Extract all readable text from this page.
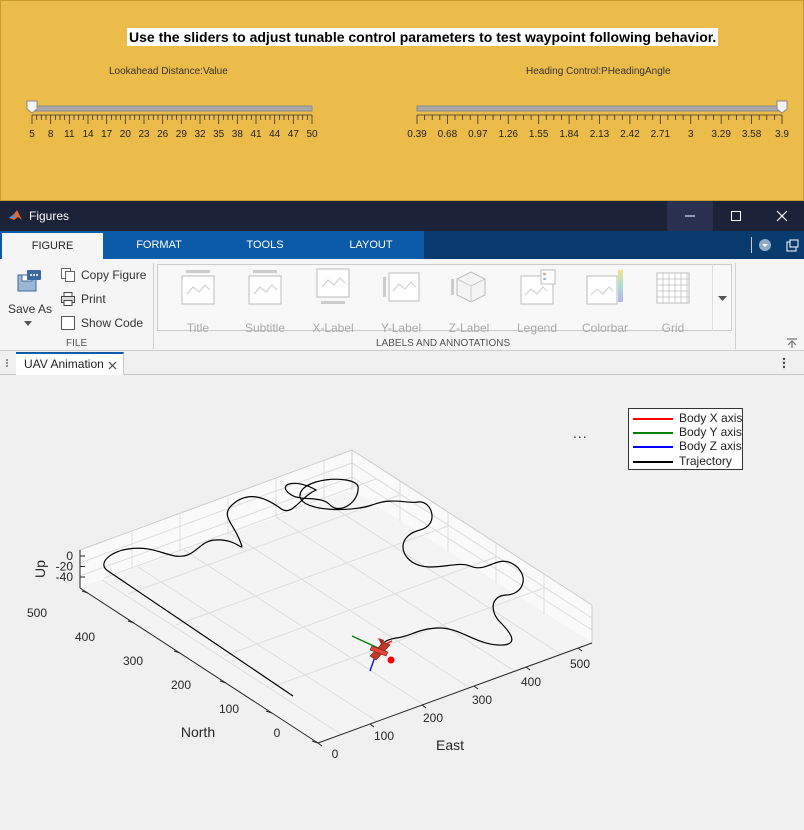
Use the sliders to adjust tunable control parameters to test waypoint following behavior.
Lookahead Distance:Value	Heading Control:PHeadingAngle
5 8 11 14 17 20 23 26 29 32 35 38 41 44 47 50	0.39 0.68 0.97 1.26 1.55 1.84 2.13 2.42 2.71 3 3.29 3.58 3.9
Figures
FIGURE	FORMAT	TOOLS	LAYOUT
Save As
Copy Figure
Print
Show Code
FILE
Title	Subtitle X-Label Y-Label Z-Label Legend Colorbar	Grid
LABELS AND ANNOTATIONS
UAV Animation
0
100
200
300
400
500
0
100
200
300
400
500
0
-20
-40
East
North
Up
...
Body X axis
Body Y axis
Body Z axis
Trajectory
